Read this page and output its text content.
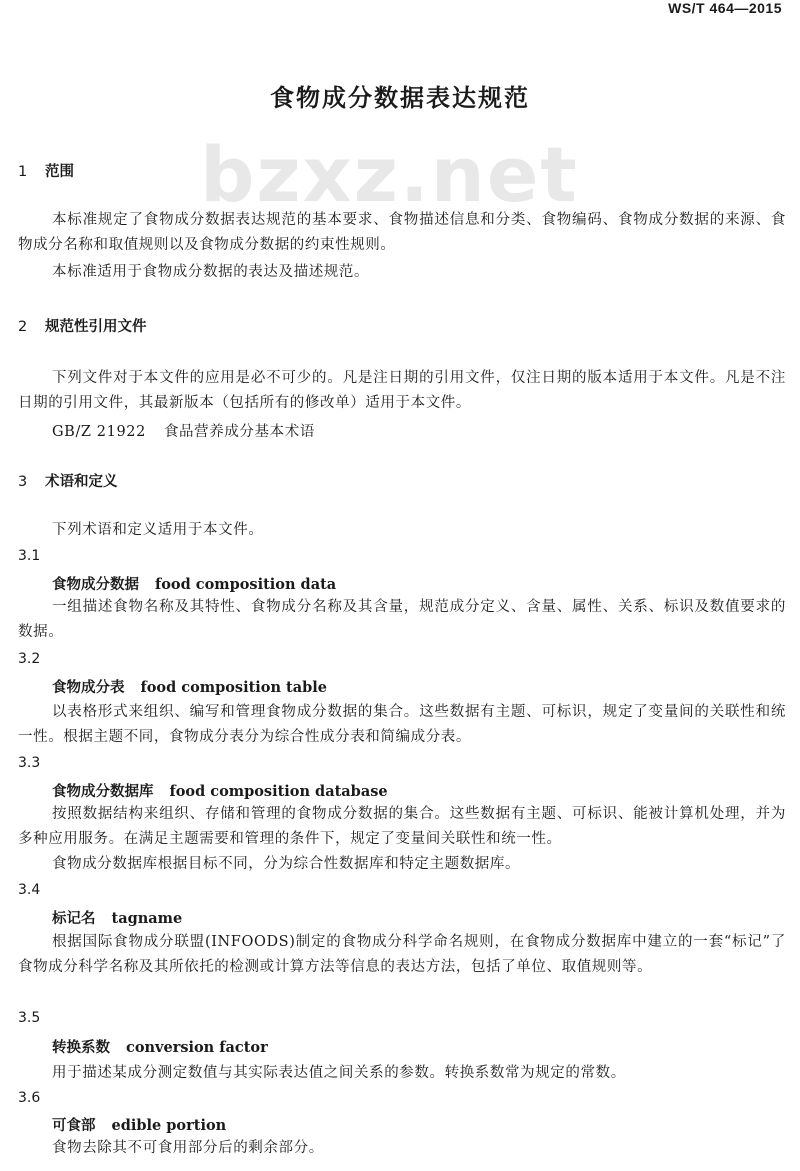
WS/T 464—2015
食物成分数据表达规范
bzxz.net
1 范围
本标准规定了食物成分数据表达规范的基本要求、食物描述信息和分类、食物编码、食物成分数据的来源、食物成分名称和取值规则以及食物成分数据的约束性规则。
本标准适用于食物成分数据的表达及描述规范。
2 规范性引用文件
下列文件对于本文件的应用是必不可少的。凡是注日期的引用文件，仅注日期的版本适用于本文件。凡是不注日期的引用文件，其最新版本（包括所有的修改单）适用于本文件。
GB/Z 21922 食品营养成分基本术语
3 术语和定义
下列术语和定义适用于本文件。
3.1
食物成分数据 food composition data
一组描述食物名称及其特性、食物成分名称及其含量，规范成分定义、含量、属性、关系、标识及数值要求的数据。
3.2
食物成分表 food composition table
以表格形式来组织、编写和管理食物成分数据的集合。这些数据有主题、可标识，规定了变量间的关联性和统一性。根据主题不同，食物成分表分为综合性成分表和简编成分表。
3.3
食物成分数据库 food composition database
按照数据结构来组织、存储和管理的食物成分数据的集合。这些数据有主题、可标识、能被计算机处理，并为多种应用服务。在满足主题需要和管理的条件下，规定了变量间关联性和统一性。
食物成分数据库根据目标不同，分为综合性数据库和特定主题数据库。
3.4
标记名 tagname
根据国际食物成分联盟(INFOODS)制定的食物成分科学命名规则，在食物成分数据库中建立的一套“标记”了食物成分科学名称及其所依托的检测或计算方法等信息的表达方法，包括了单位、取值规则等。
3.5
转换系数 conversion factor
用于描述某成分测定数值与其实际表达值之间关系的参数。转换系数常为规定的常数。
3.6
可食部 edible portion
食物去除其不可食用部分后的剩余部分。
